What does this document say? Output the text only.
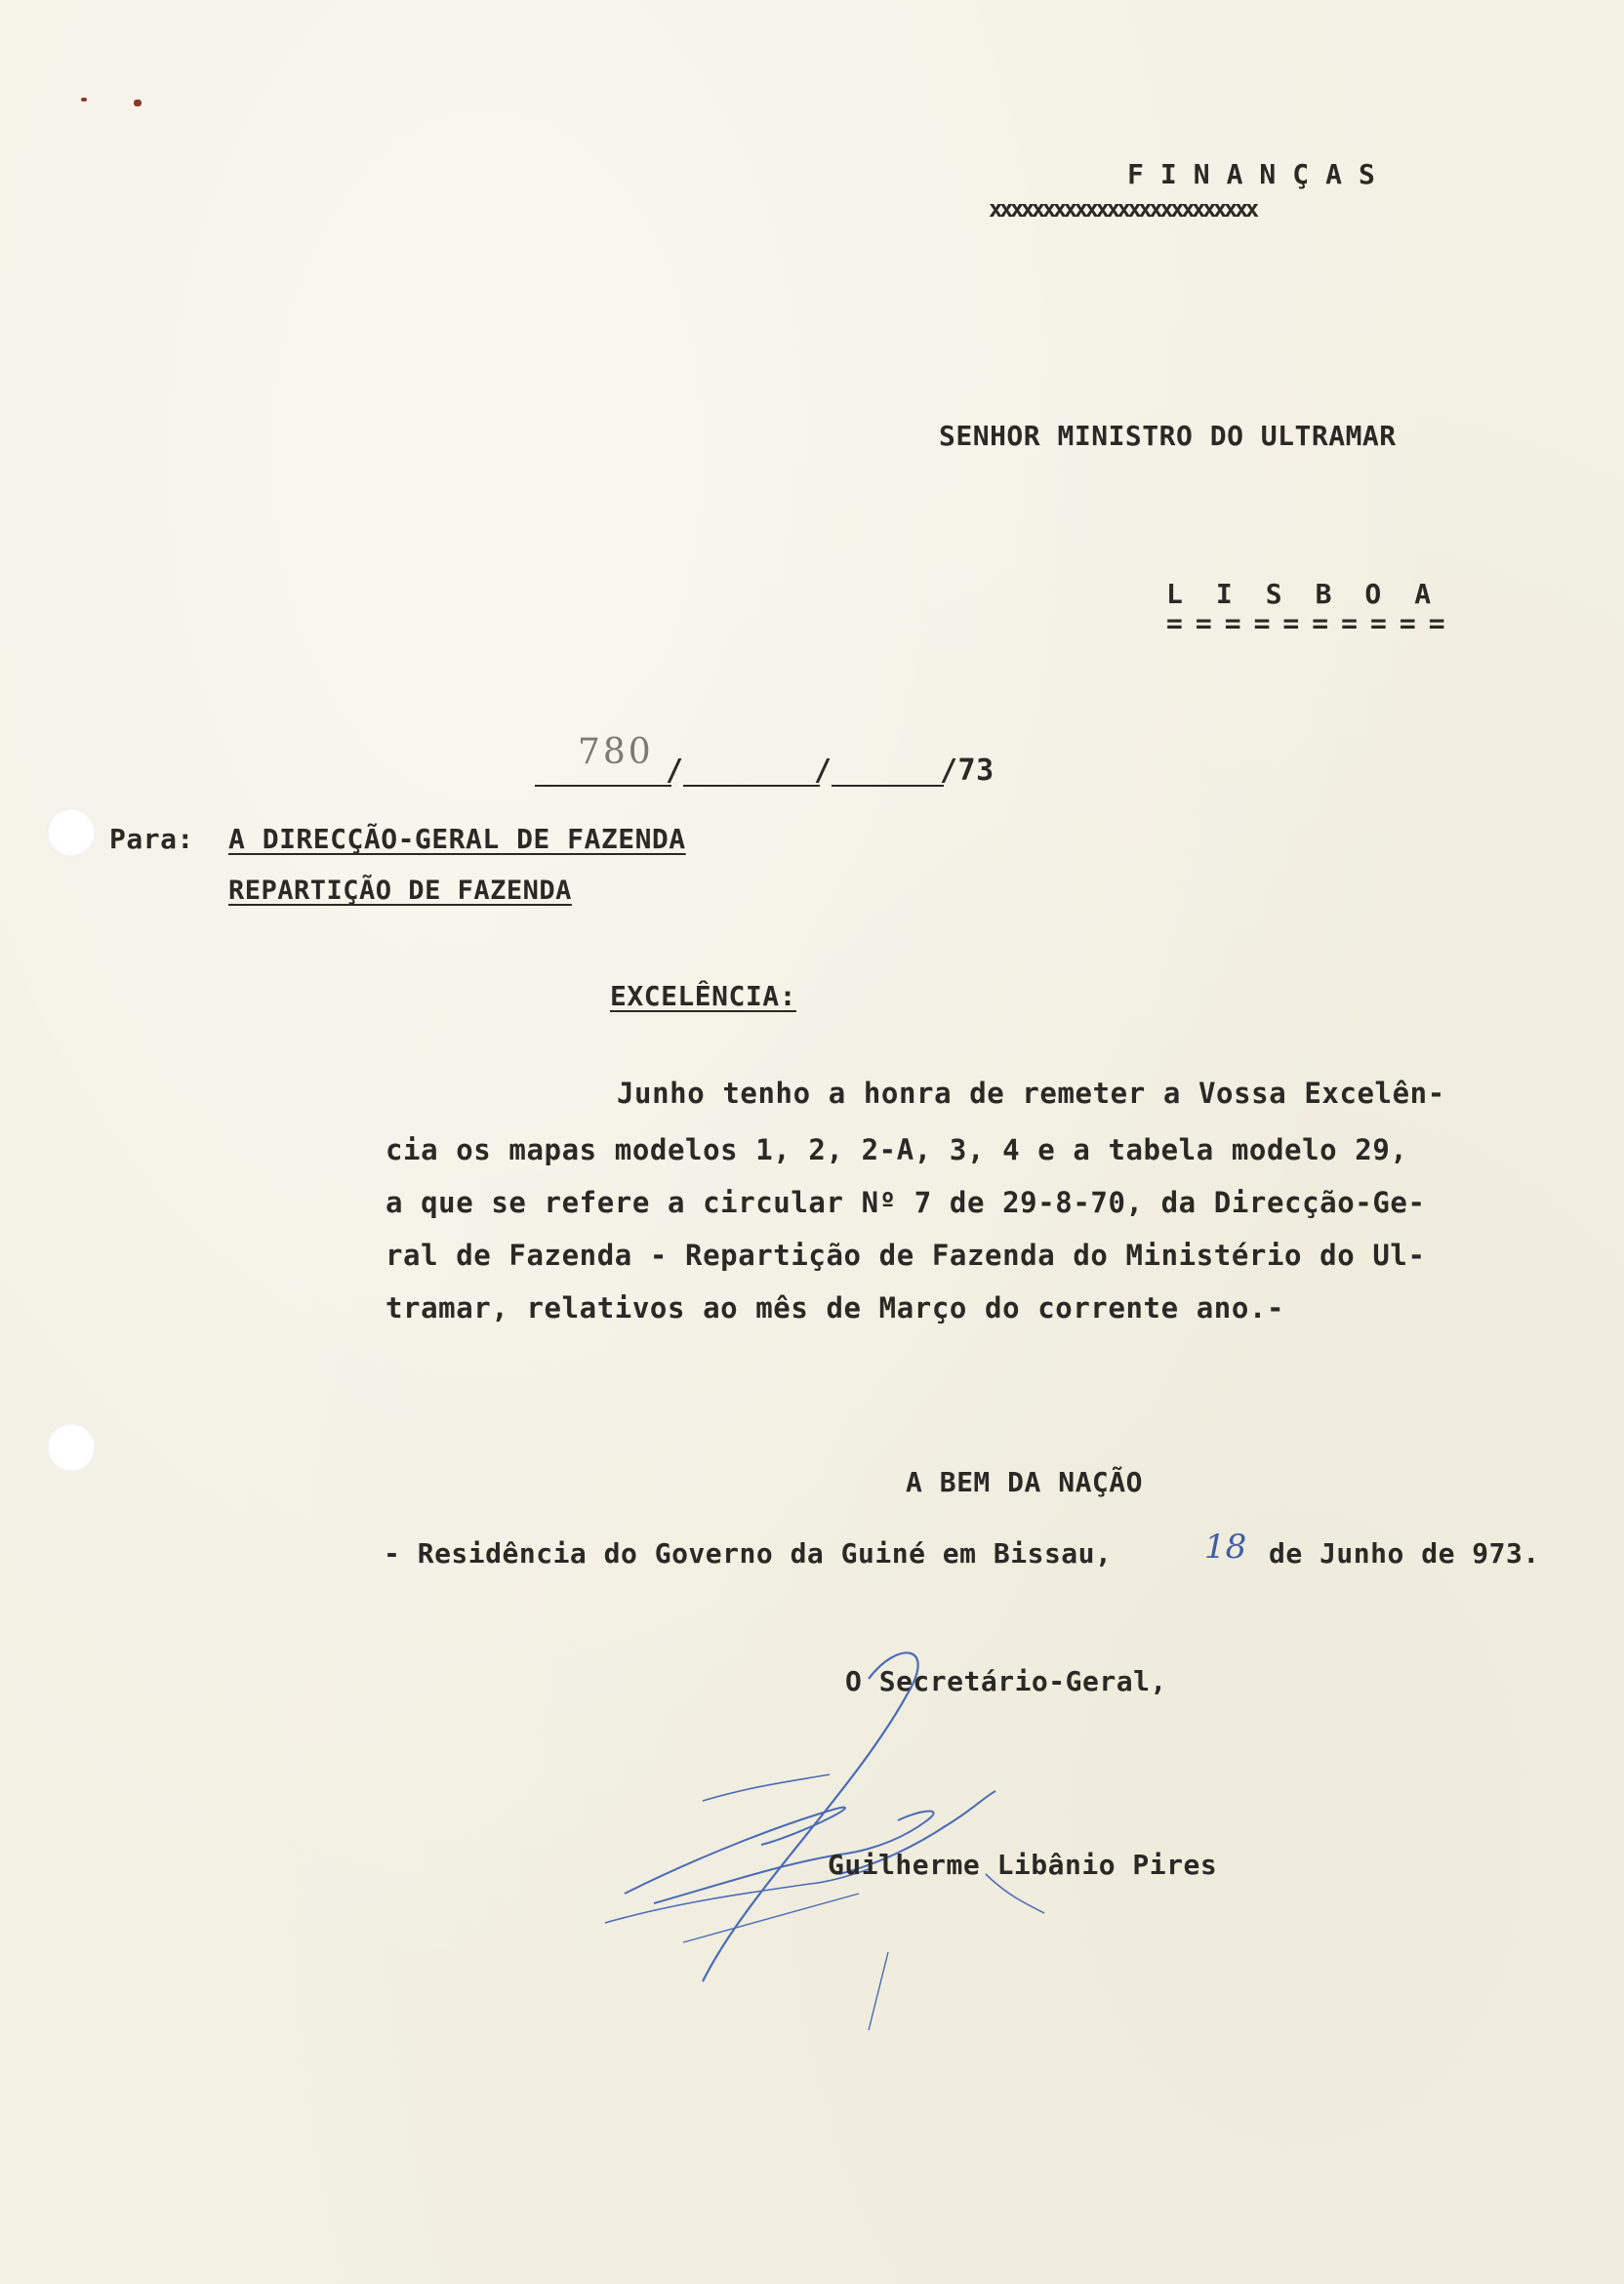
FINANÇAS
xxxxxxxxxxxxxxxxxxxxxxxxx
SENHOR MINISTRO DO ULTRAMAR
LISBOA
==========
780 /	/	/73
Para: A DIRECÇÃO-GERAL DE FAZENDA
REPARTIÇÃO DE FAZENDA
EXCELÊNCIA:
Junho tenho a honra de remeter a Vossa Excelên-
cia os mapas modelos 1, 2, 2-A, 3, 4 e a tabela modelo 29,
a que se refere a circular Nº 7 de 29-8-70, da Direcção-Ge-
ral de Fazenda - Repartição de Fazenda do Ministério do Ul-
tramar, relativos ao mês de Março do corrente ano.-
A BEM DA NAÇÃO
- Residência do Governo da Guiné em Bissau,	18 de Junho de 973.
O Secretário-Geral,
Guilherme Libânio Pires
